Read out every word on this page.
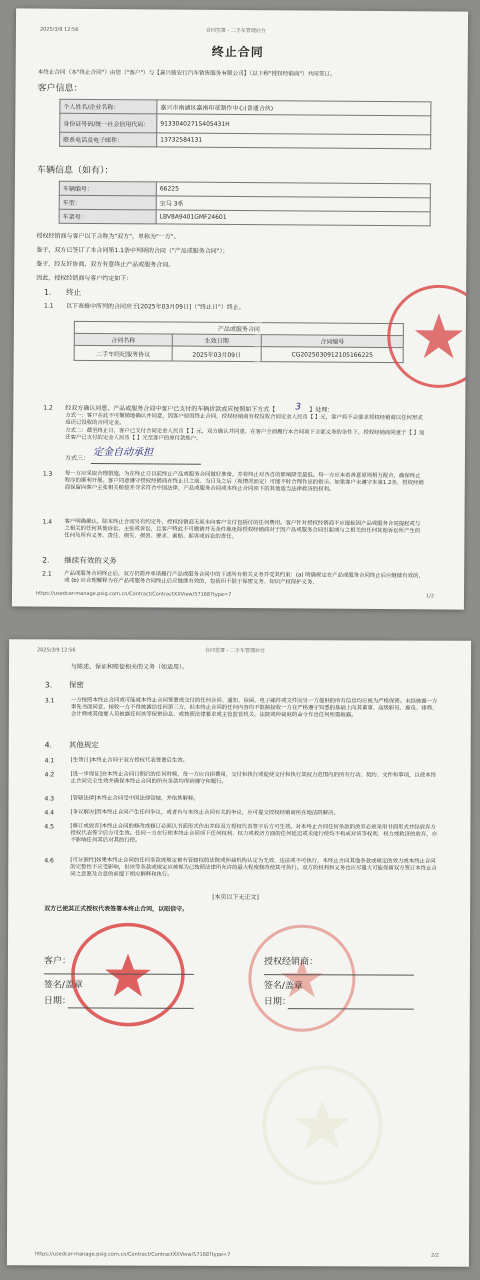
2025/3/9 12:56	合同签署 - 二手车管理后台
终止合同
本终止合同（本"终止合同"）由您（"客户"）与【嘉兴骏安行汽车销售服务有限公司】（以下称"授权经销商"）共同签订。
客户信息：
个人姓名/企业名称：	嘉兴市南湖区嘉南印章制作中心(普通合伙)
身份证号码/统一社会信用代码：	91330402715405431H
联系电话及电子邮件：	13732584131
车辆信息（如有）：
车辆编号：	66225
车型：	宝马 3系
车架号：	LBV8A9401GMF24601
授权经销商与客户以下合称为"双方"，单称为"一方"。
鉴于，双方已签订了本合同第1.1条中列明的合同（"产品或服务合同"）；
鉴于，经友好协商，双方有意终止产品或服务合同。
因此，授权经销商与客户约定如下：
1. 终止
1.1 以下表格中所列的合同应于[2025年03月09日]（"终止日"）终止。
产品或服务合同		
合同名称	生效日期	合同编号
二手车经纪服务协议	2025年03月09日	CG20250309121051662​25
1.2 经双方确认同意，产品或服务合同中客户已支付的车辆价款或应按照如下方式【 3 】处理：
方式一：客户在此不可撤销地确认并同意，因客户原因终止合同，授权经销商有权没收合同定金人民币【 】元，客户将不会要求授权经销商以任何形式返还已没收的合同定金。
方式二：截至终止日，客户已支付合同定金人民币【 】元，双方确认并同意，在客户全面履行本合同项下全部义务的条件下，授权经销商同意于【 】返还客户已支付的定金人民币【 】元至客户的原付款账户。
方式三： 定金自动承担
1.3 每一方应采取合理措施，为在终止日以前终止产品或服务合同做好准备，并将终止对各自的影响降至最低。每一方应本着善意原则相互配合，确保终止程序的顺利开展。客户同意遵守授权经销商在终止日之前、当日及之后（视情况而定）可能不时合理作出的指示。如果客户未遵守本第1.2条，授权经销商保留向客户主张相关赔偿并寻求符合中国法律，产品或服务合同或本终止合同项下的其他适当法律救济的权利。
1.4 客户明确确认，除本终止合同另有约定外，授权经销商无须未向客户支付包括付的任何费用。客户针对授权经销商不应提起因产品或服务合同提起或与之相关的任何其他诉讼，主张或诉讼，且客户特此不可撤销并无条件地免除授权经销商对于因产品或服务合同引起或与之相关的任何其他诉讼所产生的任何及所有义务、责任、损失、损害、要求、索赔、起诉或诉讼的责任。
2. 继续有效的义务
2.1 产品或服务合同终止后，双方仍需并承诺履行产品或服务合同中的下述所有相关义务并受其约束：(a) 明确规定在产品或服务合同终止后应继续有效的，或 (b) 应合理解释为在产品或服务合同终止后应继续有效的，包括但不限于保密义务、知识产权保护义务、
https://usedcar-manage.psig.com.cn/Contract/ContractXXView/57168?type=7	1/2
2025/3/9 12:56	合同签署 - 二手车管理后台
与陈述、保证和赔偿相关的义务（如适用）。
3. 保密
3.1	一方按照本终止合同或可能就本终止合同签署或交付的任何合同、通知、信函、电子邮件或文件向另一方提供的所有信息均应视为严格保密。未经披露一方事先书面同意，接收一方不得披露给任何第三方，但本终止合同的任何内容均不限制接收一方在严格遵守知悉的基础上向其董事、高级职员、雇员、律师、会计师或其他要人员披露任何该等保密信息、或按照法律要求或主管监管机关、法院或仲裁庭的命令作出任何所需披露。
4. 其他规定
4.1	[生效日]本终止合同于双方授权代表签署后生效。
4.2	[进一步保证]在本终止合同日期后的任何时候，每一方应自担费用，交付和执行或促使交付和执行其权力范围内的所有行动、契约、文件和事项，以使本终止合同完全生效并确保本终止合同的所有条款均得到遵守和履行。
4.3	[管辖法律]本终止合同受中国法律管辖，并依其解释。
4.4	[争议解决]因本终止合同产生任何争议，或者有与本终止合同有关的争议，应可提交授权经销商所在地法院解决。
4.5	[修订或放弃]本终止合同的修改或修订必须以书面形式作出并经双方授权代表签字后方可生效。对本终止合同任何条款的放弃必须采用书面形式并经放弃方授权代表签字后方可生效。任何一方在行使本终止合同项下任何权利、权力或救济方面的任何延迟或未能行使均不构成对该等权利、权力或救济的放弃，亦不影响任何其后对其的行使。
4.6	[可分割性]如果本终止合同的任何条款或规定被有管辖权的法院或仲裁机构认定为无效、违法或不可执行，本终止合同其他条款或规定的效力或本终止合同的完整性不应受影响，但该等条款或规定应被视为已按照法律所允许的最大程度修改使其可执行。双方的权利和义务也应尽量大可能保留双方签订本终止合同之意愿及合意的前提下相应解释和执行。
[本页以下无正文]
双方已使其正式授权代表签署本终止合同，以昭信守。
客户：
签名/盖章
日期：
授权经销商：
签名/盖章
日期：
https://usedcar-manage.psig.com.cn/Contract/ContractXXView/57168?type=7	2/2
